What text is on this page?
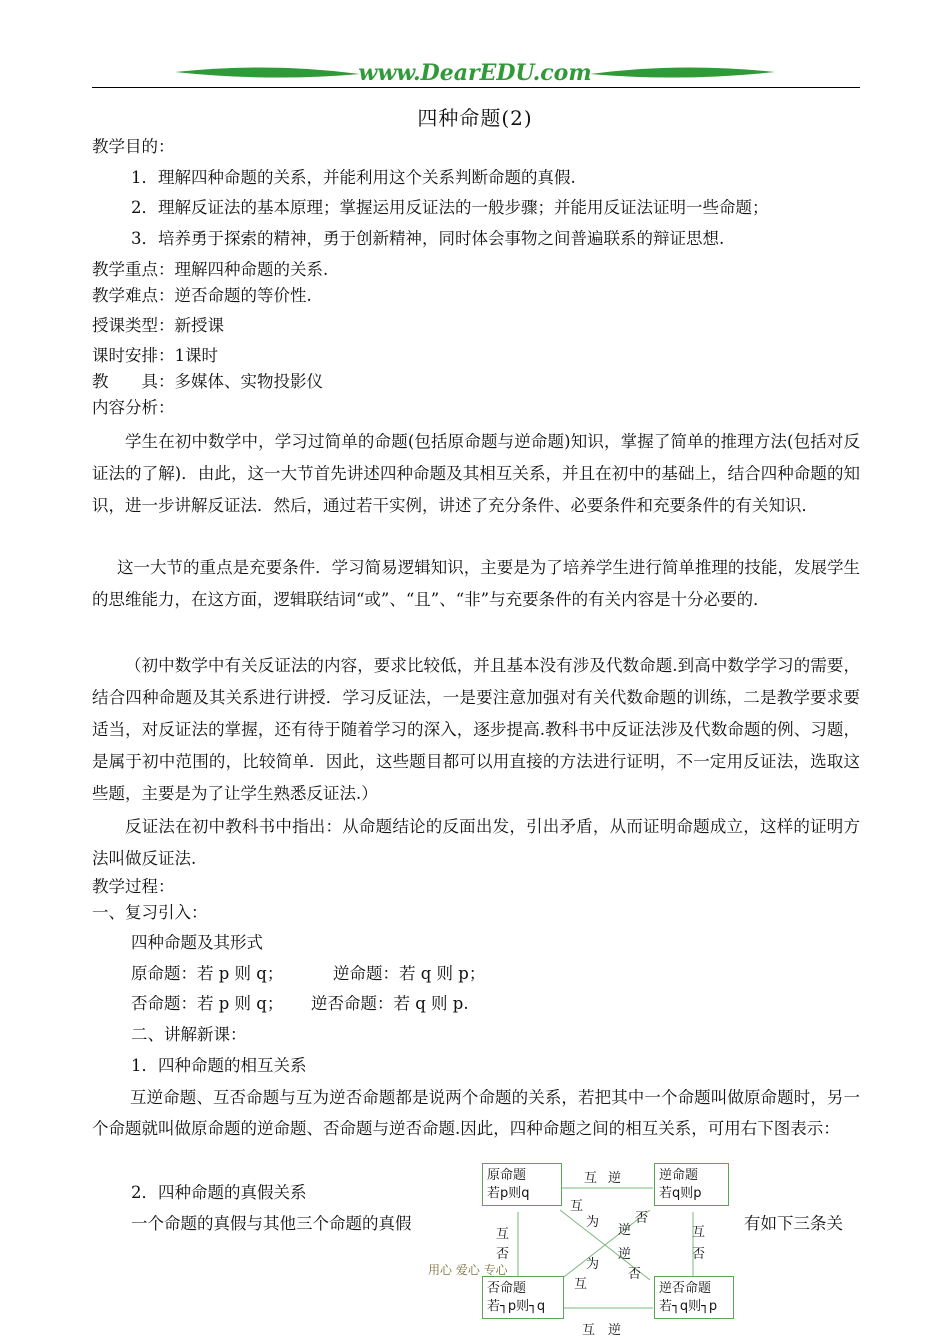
www.DearEDU.com
四种命题(2)
教学目的：
1．理解四种命题的关系，并能利用这个关系判断命题的真假.
2．理解反证法的基本原理；掌握运用反证法的一般步骤；并能用反证法证明一些命题；
3．培养勇于探索的精神，勇于创新精神，同时体会事物之间普遍联系的辩证思想.
教学重点：理解四种命题的关系.
教学难点：逆否命题的等价性.
授课类型：新授课
课时安排：1课时
教　　具：多媒体、实物投影仪
内容分析：
学生在初中数学中，学习过简单的命题(包括原命题与逆命题)知识，掌握了简单的推理方法(包括对反证法的了解)．由此，这一大节首先讲述四种命题及其相互关系，并且在初中的基础上，结合四种命题的知识，进一步讲解反证法．然后，通过若干实例，讲述了充分条件、必要条件和充要条件的有关知识．
这一大节的重点是充要条件．学习简易逻辑知识，主要是为了培养学生进行简单推理的技能，发展学生的思维能力，在这方面，逻辑联结词“或”、“且”、“非”与充要条件的有关内容是十分必要的．
（初中数学中有关反证法的内容，要求比较低，并且基本没有涉及代数命题.到高中数学学习的需要，结合四种命题及其关系进行讲授．学习反证法，一是要注意加强对有关代数命题的训练，二是教学要求要适当，对反证法的掌握，还有待于随着学习的深入，逐步提高.教科书中反证法涉及代数命题的例、习题，是属于初中范围的，比较简单．因此，这些题目都可以用直接的方法进行证明，不一定用反证法，选取这些题，主要是为了让学生熟悉反证法.）
反证法在初中教科书中指出：从命题结论的反面出发，引出矛盾，从而证明命题成立，这样的证明方法叫做反证法.
教学过程：
一、复习引入：
四种命题及其形式
原命题：若 p 则 q；	逆命题：若 q 则 p；
否命题：若 p 则 q； 逆否命题：若 q 则 p.
二、讲解新课：
1．四种命题的相互关系
互逆命题、互否命题与互为逆否命题都是说两个命题的关系，若把其中一个命题叫做原命题时，另一个命题就叫做原命题的逆命题、否命题与逆否命题.因此，四种命题之间的相互关系，可用右下图表示：
2．四种命题的真假关系
一个命题的真假与其他三个命题的真假	有如下三条关
原命题
若p则q
逆命题
若q则p
否命题
若┐p则┐q
逆否命题
若┐q则┐p
互 逆
互 逆
互
否
互
否
互
为
逆
否
逆
否
为
互
用心 爱心 专心
